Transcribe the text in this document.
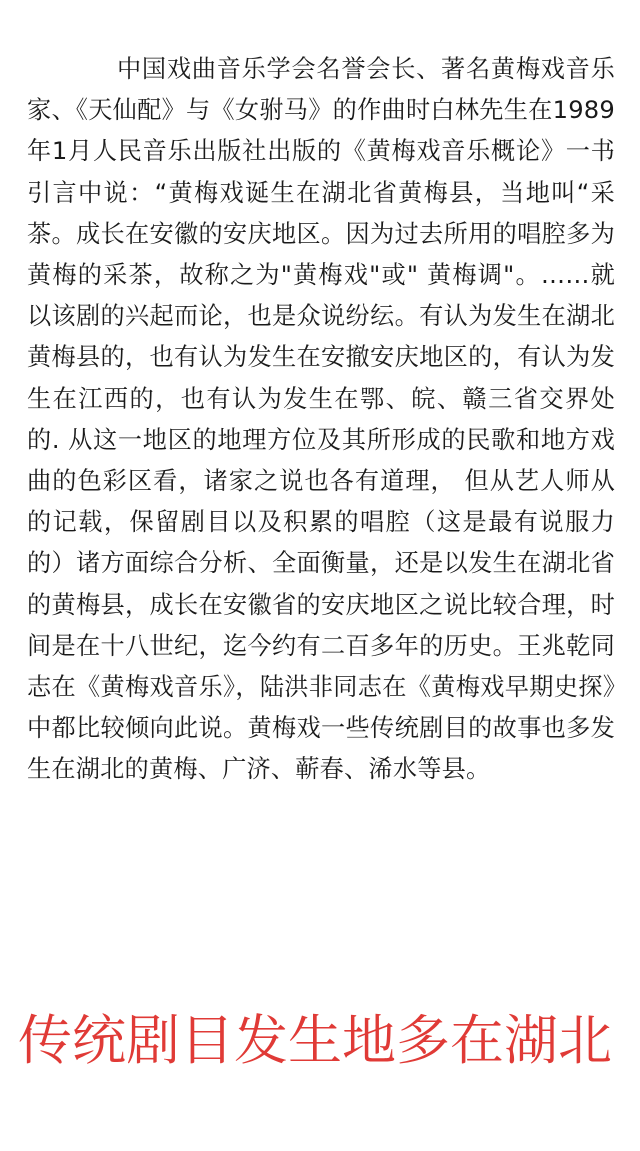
中国戏曲音乐学会名誉会长、著名黄梅戏音乐家、《天仙配》与《女驸马》的作曲时白林先生在1989年1月人民音乐出版社出版的《黄梅戏音乐概论》一书引言中说：“黄梅戏诞生在湖北省黄梅县，当地叫“采茶。成长在安徽的安庆地区。因为过去所用的唱腔多为黄梅的采茶，故称之为"黄梅戏"或" 黄梅调"。……就以该剧的兴起而论，也是众说纷纭。有认为发生在湖北黄梅县的，也有认为发生在安撤安庆地区的，有认为发生在江西的，也有认为发生在鄂、皖、赣三省交界处的. 从这一地区的地理方位及其所形成的民歌和地方戏曲的色彩区看，诸家之说也各有道理， 但从艺人师从的记载，保留剧目以及积累的唱腔（这是最有说服力的）诸方面综合分析、全面衡量，还是以发生在湖北省的黄梅县，成长在安徽省的安庆地区之说比较合理，时间是在十八世纪，迄今约有二百多年的历史。王兆乾同志在《黄梅戏音乐》，陆洪非同志在《黄梅戏早期史探》中都比较倾向此说。黄梅戏一些传统剧目的故事也多发生在湖北的黄梅、广济、蕲春、浠水等县。

传统剧目发生地多在湖北
